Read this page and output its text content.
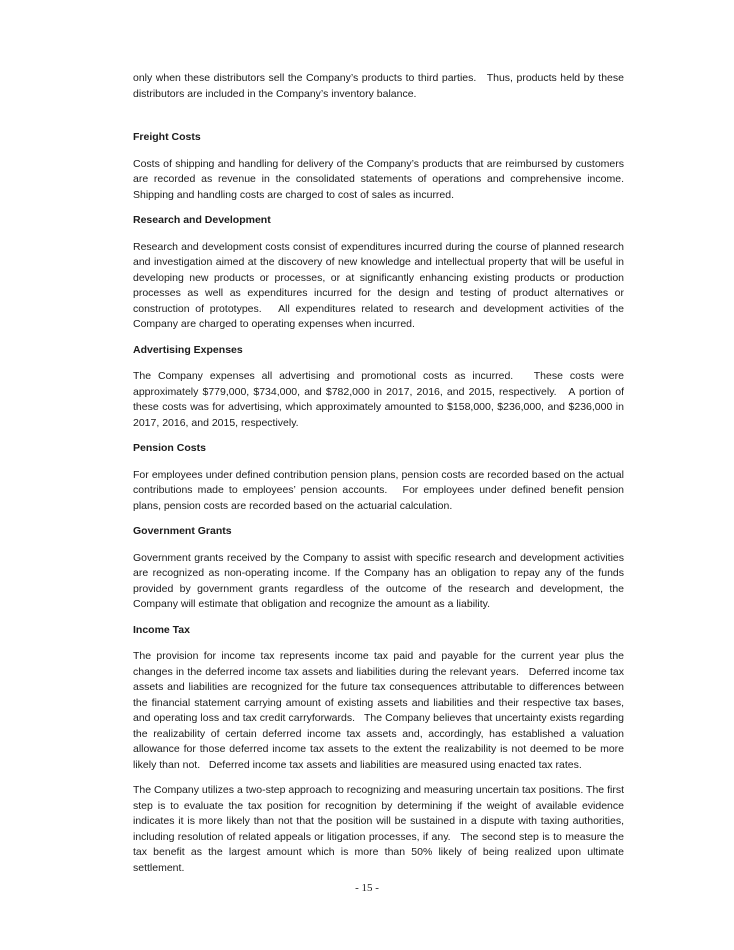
only when these distributors sell the Company’s products to third parties.   Thus, products held by these distributors are included in the Company’s inventory balance.

Freight Costs

Costs of shipping and handling for delivery of the Company’s products that are reimbursed by customers are recorded as revenue in the consolidated statements of operations and comprehensive income. Shipping and handling costs are charged to cost of sales as incurred.

Research and Development

Research and development costs consist of expenditures incurred during the course of planned research and investigation aimed at the discovery of new knowledge and intellectual property that will be useful in developing new products or processes, or at significantly enhancing existing products or production processes as well as expenditures incurred for the design and testing of product alternatives or construction of prototypes.   All expenditures related to research and development activities of the Company are charged to operating expenses when incurred.

Advertising Expenses

The Company expenses all advertising and promotional costs as incurred.   These costs were approximately $779,000, $734,000, and $782,000 in 2017, 2016, and 2015, respectively.   A portion of these costs was for advertising, which approximately amounted to $158,000, $236,000, and $236,000 in 2017, 2016, and 2015, respectively.

Pension Costs

For employees under defined contribution pension plans, pension costs are recorded based on the actual contributions made to employees’ pension accounts.   For employees under defined benefit pension plans, pension costs are recorded based on the actuarial calculation.

Government Grants

Government grants received by the Company to assist with specific research and development activities are recognized as non-operating income. If the Company has an obligation to repay any of the funds provided by government grants regardless of the outcome of the research and development, the Company will estimate that obligation and recognize the amount as a liability.

Income Tax

The provision for income tax represents income tax paid and payable for the current year plus the changes in the deferred income tax assets and liabilities during the relevant years.   Deferred income tax assets and liabilities are recognized for the future tax consequences attributable to differences between the financial statement carrying amount of existing assets and liabilities and their respective tax bases, and operating loss and tax credit carryforwards.   The Company believes that uncertainty exists regarding the realizability of certain deferred income tax assets and, accordingly, has established a valuation allowance for those deferred income tax assets to the extent the realizability is not deemed to be more likely than not.   Deferred income tax assets and liabilities are measured using enacted tax rates.

The Company utilizes a two-step approach to recognizing and measuring uncertain tax positions. The first step is to evaluate the tax position for recognition by determining if the weight of available evidence indicates it is more likely than not that the position will be sustained in a dispute with taxing authorities, including resolution of related appeals or litigation processes, if any.   The second step is to measure the tax benefit as the largest amount which is more than 50% likely of being realized upon ultimate settlement.

- 15 -
